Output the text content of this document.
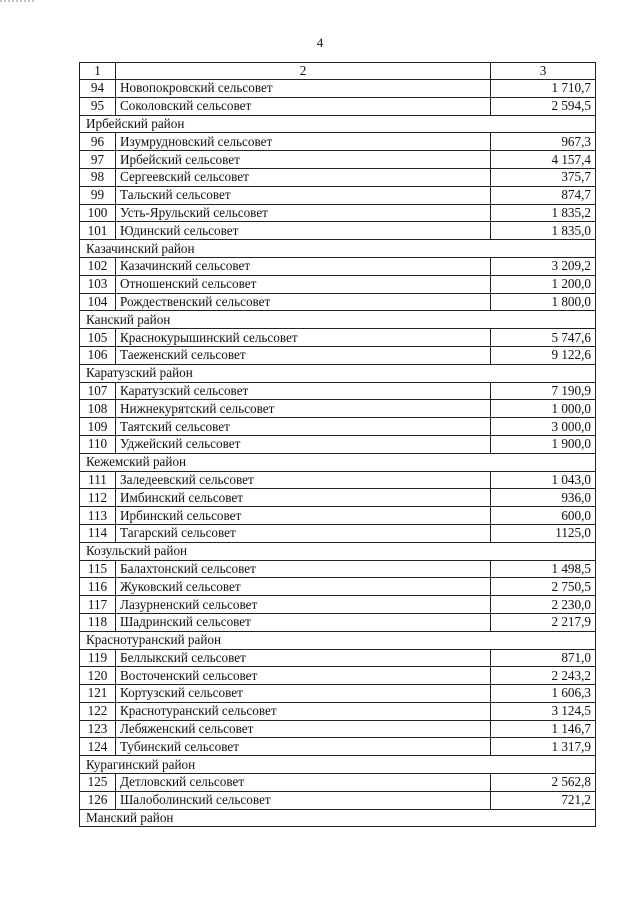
4
1	2	3
94	Новопокровский сельсовет	1 710,7
95	Соколовский сельсовет	2 594,5
Ирбейский район		
96	Изумрудновский сельсовет	967,3
97	Ирбейский сельсовет	4 157,4
98	Сергеевский сельсовет	375,7
99	Тальский сельсовет	874,7
100	Усть-Ярульский сельсовет	1 835,2
101	Юдинский сельсовет	1 835,0
Казачинский район		
102	Казачинский сельсовет	3 209,2
103	Отношенский сельсовет	1 200,0
104	Рождественский сельсовет	1 800,0
Канский район		
105	Краснокурышинский сельсовет	5 747,6
106	Таеженский сельсовет	9 122,6
Каратузский район		
107	Каратузский сельсовет	7 190,9
108	Нижнекурятский сельсовет	1 000,0
109	Таятский сельсовет	3 000,0
110	Уджейский сельсовет	1 900,0
Кежемский район		
111	Заледеевский сельсовет	1 043,0
112	Имбинский сельсовет	936,0
113	Ирбинский сельсовет	600,0
114	Тагарский сельсовет	1125,0
Козульский район		
115	Балахтонский сельсовет	1 498,5
116	Жуковский сельсовет	2 750,5
117	Лазурненский сельсовет	2 230,0
118	Шадринский сельсовет	2 217,9
Краснотуранский район		
119	Беллыкский сельсовет	871,0
120	Восточенский сельсовет	2 243,2
121	Кортузский сельсовет	1 606,3
122	Краснотуранский сельсовет	3 124,5
123	Лебяженский сельсовет	1 146,7
124	Тубинский сельсовет	1 317,9
Курагинский район		
125	Детловский сельсовет	2 562,8
126	Шалоболинский сельсовет	721,2
Манский район		
